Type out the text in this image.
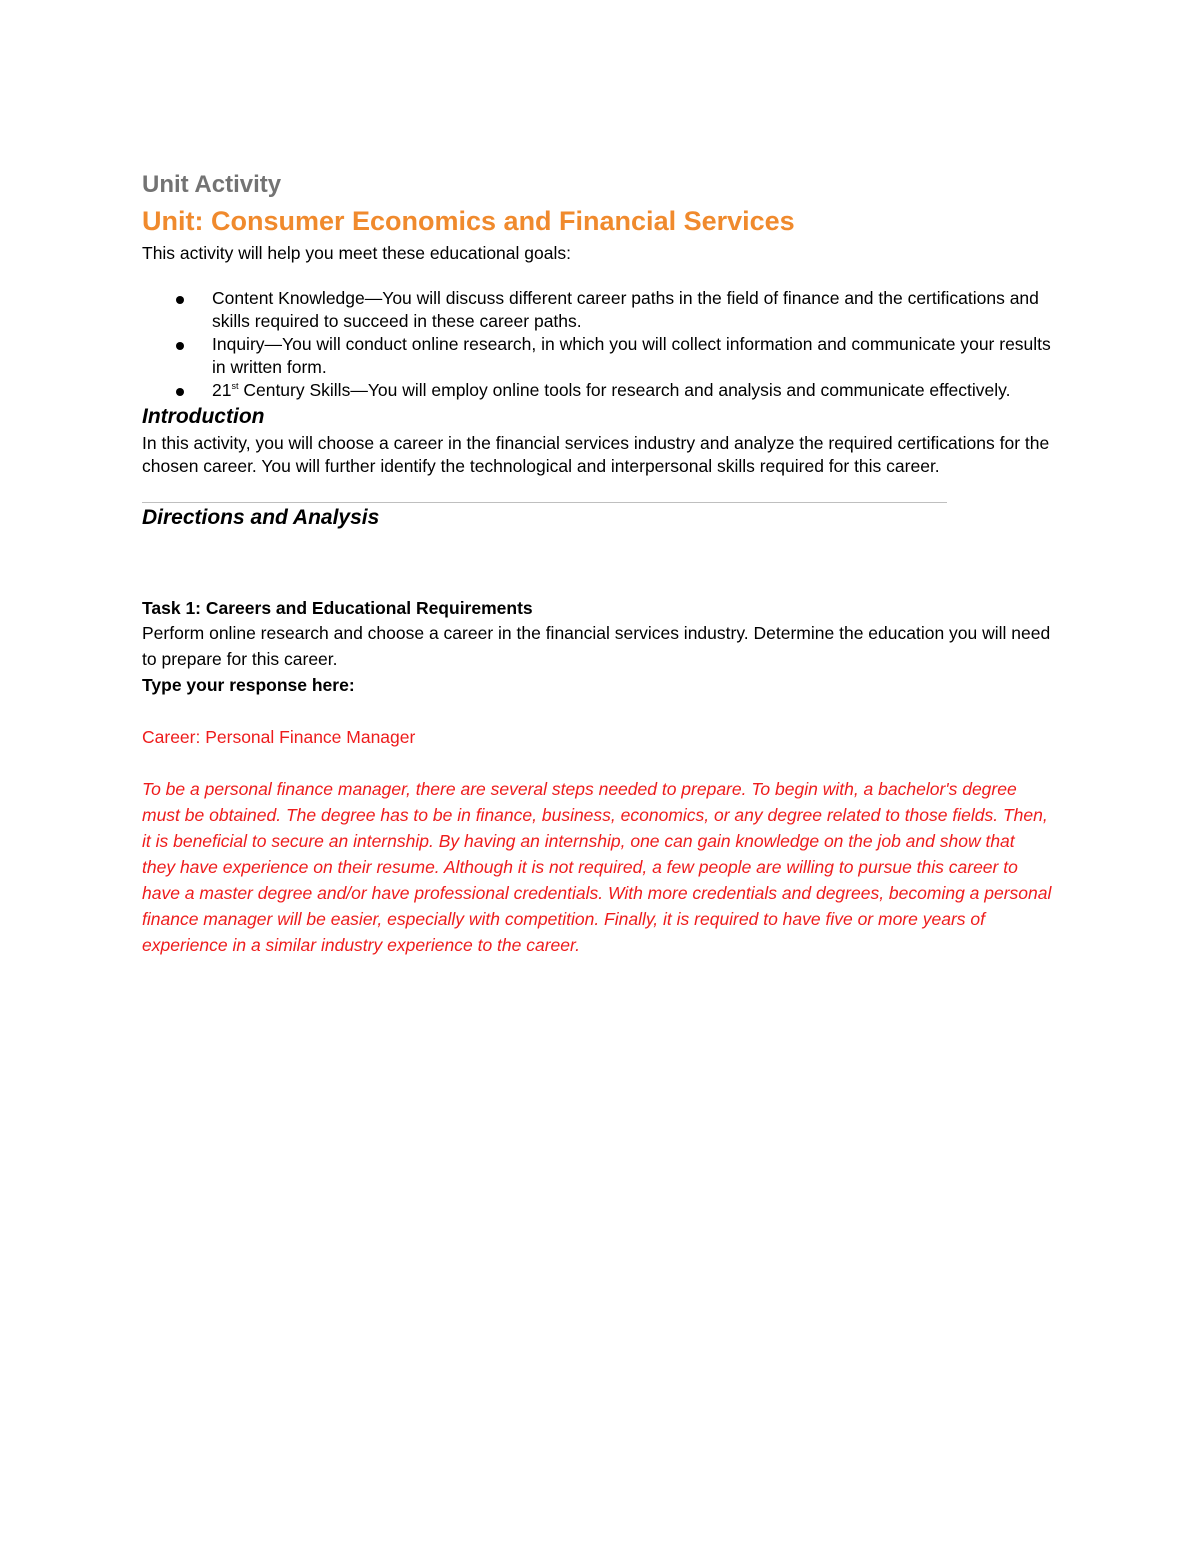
Unit Activity
Unit: Consumer Economics and Financial Services

This activity will help you meet these educational goals:

Content Knowledge—You will discuss different career paths in the field of finance and the certifications and skills required to succeed in these career paths.
Inquiry—You will conduct online research, in which you will collect information and communicate your results in written form.
21st Century Skills—You will employ online tools for research and analysis and communicate effectively.
Introduction

In this activity, you will choose a career in the financial services industry and analyze the required certifications for the chosen career. You will further identify the technological and interpersonal skills required for this career.

Directions and Analysis

Task 1: Careers and Educational Requirements

Perform online research and choose a career in the financial services industry. Determine the education you will need to prepare for this career.

Type your response here:

Career: Personal Finance Manager

To be a personal finance manager, there are several steps needed to prepare. To begin with, a bachelor's degree must be obtained. The degree has to be in finance, business, economics, or any degree related to those fields. Then, it is beneficial to secure an internship. By having an internship, one can gain knowledge on the job and show that they have experience on their resume. Although it is not required, a few people are willing to pursue this career to have a master degree and/or have professional credentials. With more credentials and degrees, becoming a personal finance manager will be easier, especially with competition. Finally, it is required to have five or more years of experience in a similar industry experience to the career.
